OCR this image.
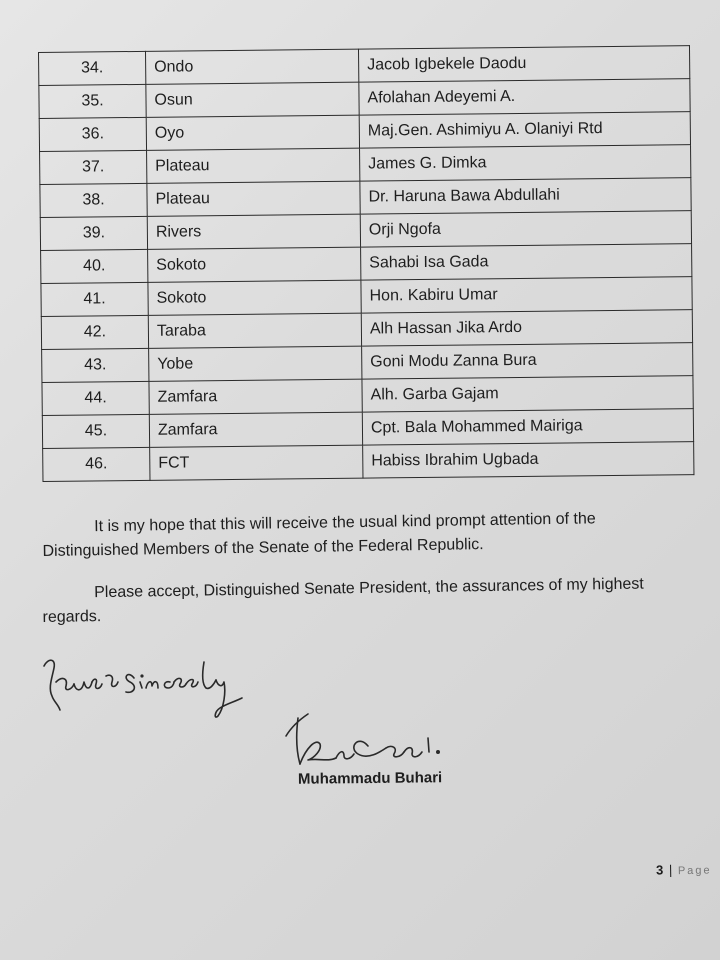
34.	Ondo	Jacob Igbekele Daodu
35.	Osun	Afolahan Adeyemi A.
36.	Oyo	Maj.Gen. Ashimiyu A. Olaniyi Rtd
37.	Plateau	James G. Dimka
38.	Plateau	Dr. Haruna Bawa Abdullahi
39.	Rivers	Orji Ngofa
40.	Sokoto	Sahabi Isa Gada
41.	Sokoto	Hon. Kabiru Umar
42.	Taraba	Alh Hassan Jika Ardo
43.	Yobe	Goni Modu Zanna Bura
44.	Zamfara	Alh. Garba Gajam
45.	Zamfara	Cpt. Bala Mohammed Mairiga
46.	FCT	Habiss Ibrahim Ugbada
It is my hope that this will receive the usual kind prompt attention of the
Distinguished Members of the Senate of the Federal Republic.
Please accept, Distinguished Senate President, the assurances of my highest
regards.
Muhammadu Buhari
3 | Page
